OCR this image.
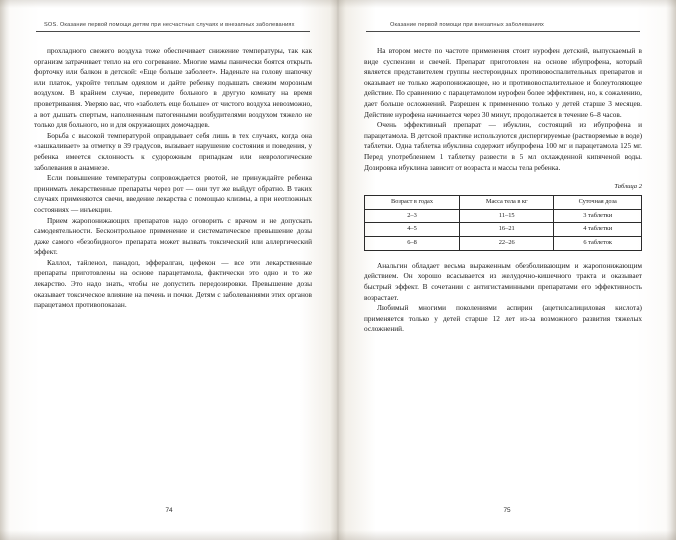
SOS. Оказание первой помощи детям при несчастных случаях и внезапных заболеваниях

прохладного свежего воздуха тоже обеспечивает снижение температуры, так как организм затрачивает тепло на его согревание. Многие мамы панически боятся открыть форточку или балкон в детской: «Еще больше заболеет». Наденьте на голову шапочку или платок, укройте теплым одеялом и дайте ребенку подышать свежим морозным воздухом. В крайнем случае, переведите больного в другую комнату на время проветривания. Уверяю вас, что «заболеть еще больше» от чистого воздуха невозможно, а вот дышать спертым, наполненным патогенными возбудителями воздухом тяжело не только для больного, но и для окружающих домочадцев.

Борьба с высокой температурой оправдывает себя лишь в тех случаях, когда она «зашкаливает» за отметку в 39 градусов, вызывает нарушение состояния и поведения, у ребенка имеется склонность к судорожным припадкам или неврологические заболевания в анамнезе.

Если повышение температуры сопровождается рвотой, не принуждайте ребенка принимать лекарственные препараты через рот — они тут же выйдут обратно. В таких случаях применяются свечи, введение лекарства с помощью клизмы, а при неотложных состояниях — инъекции.

Прием жаропонижающих препаратов надо оговорить с врачом и не допускать самодеятельности. Бесконтрольное применение и систематическое превышение дозы даже самого «безобидного» препарата может вызвать токсический или аллергический эффект.

Каллол, тайленол, панадол, эффералган, цефекон — все эти лекарственные препараты приготовлены на основе парацетамола, фактически это одно и то же лекарство. Это надо знать, чтобы не допустить передозировки. Превышение дозы оказывает токсическое влияние на печень и почки. Детям с заболеваниями этих органов парацетамол противопоказан.

74
Оказание первой помощи при внезапных заболеваниях

На втором месте по частоте применения стоит нурофен детский, выпускаемый в виде суспензии и свечей. Препарат приготовлен на основе ибупрофена, который является представителем группы нестероидных противовоспалительных препаратов и оказывает не только жаропонижающее, но и противовоспалительное и болеутоляющее действие. По сравнению с парацетамолом нурофен более эффективен, но, к сожалению, дает больше осложнений. Разрешен к применению только у детей старше 3 месяцев. Действие нурофена начинается через 30 минут, продолжается в течение 6–8 часов.

Очень эффективный препарат — ибуклин, состоящий из ибупрофена и парацетамола. В детской практике используются диспергируемые (растворяемые в воде) таблетки. Одна таблетка ибуклина содержит ибупрофена 100 мг и парацетамола 125 мг. Перед употреблением 1 таблетку развести в 5 мл охлажденной кипяченой воды. Дозировка ибуклина зависит от возраста и массы тела ребенка.

Таблица 2
Возраст в годах	Масса тела в кг	Суточная доза
2–3	11–15	3 таблетки
4–5	16–21	4 таблетки
6–8	22–26	6 таблеток

Анальгин обладает весьма выраженным обезболивающим и жаропонижающим действием. Он хорошо всасывается из желудочно-кишечного тракта и оказывает быстрый эффект. В сочетании с антигистаминными препаратами его эффективность возрастает.

Любимый многими поколениями аспирин (ацетилсалициловая кислота) применяется только у детей старше 12 лет из-за возможного развития тяжелых осложнений.

75
